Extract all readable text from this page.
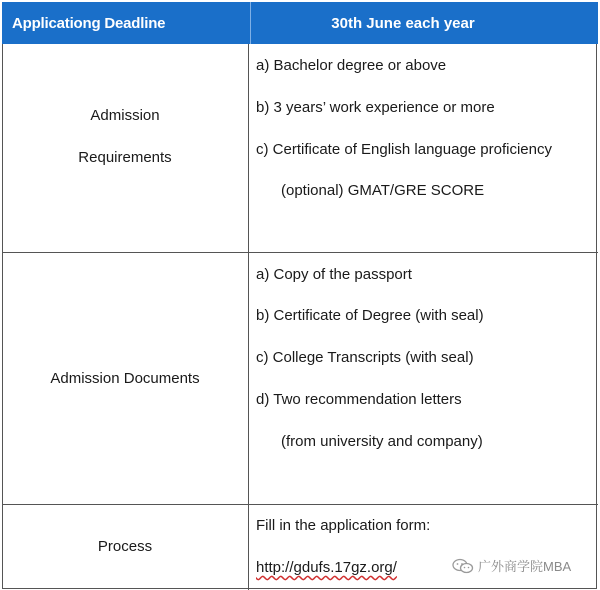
Applicationg Deadline	30th June each year
Admission
Requirements
a) Bachelor degree or above
b) 3 years’ work experience or more
c) Certificate of English language proficiency
(optional) GMAT/GRE SCORE
Admission Documents
a) Copy of the passport
b) Certificate of Degree (with seal)
c) College Transcripts (with seal)
d) Two recommendation letters
(from university and company)
Process
Fill in the application form:
http://gdufs.17gz.org/	广外商学院MBA
